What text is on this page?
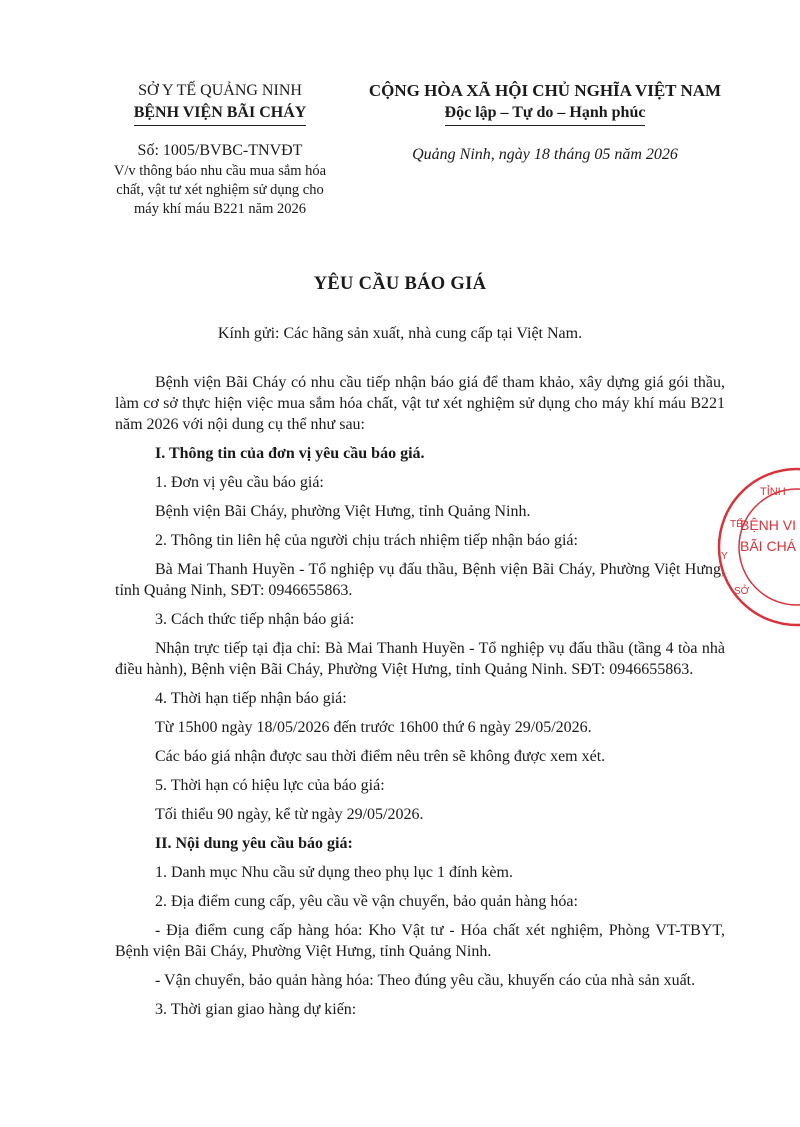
SỞ Y TẾ QUẢNG NINH
BỆNH VIỆN BÃI CHÁY
Số: 1005/BVBC-TNVĐT
V/v thông báo nhu cầu mua sắm hóa chất, vật tư xét nghiệm sử dụng cho máy khí máu B221 năm 2026
CỘNG HÒA XÃ HỘI CHỦ NGHĨA VIỆT NAM
Độc lập – Tự do – Hạnh phúc
Quảng Ninh, ngày 18 tháng 05 năm 2026
YÊU CẦU BÁO GIÁ
Kính gửi: Các hãng sản xuất, nhà cung cấp tại Việt Nam.

Bệnh viện Bãi Cháy có nhu cầu tiếp nhận báo giá để tham khảo, xây dựng giá gói thầu, làm cơ sở thực hiện việc mua sắm hóa chất, vật tư xét nghiệm sử dụng cho máy khí máu B221 năm 2026 với nội dung cụ thể như sau:

I. Thông tin của đơn vị yêu cầu báo giá.

1. Đơn vị yêu cầu báo giá:

Bệnh viện Bãi Cháy, phường Việt Hưng, tỉnh Quảng Ninh.

2. Thông tin liên hệ của người chịu trách nhiệm tiếp nhận báo giá:

Bà Mai Thanh Huyền - Tổ nghiệp vụ đấu thầu, Bệnh viện Bãi Cháy, Phường Việt Hưng, tỉnh Quảng Ninh, SĐT: 0946655863.

3. Cách thức tiếp nhận báo giá:

Nhận trực tiếp tại địa chỉ: Bà Mai Thanh Huyền - Tổ nghiệp vụ đấu thầu (tầng 4 tòa nhà điều hành), Bệnh viện Bãi Cháy, Phường Việt Hưng, tỉnh Quảng Ninh. SĐT: 0946655863.

4. Thời hạn tiếp nhận báo giá:

Từ 15h00 ngày 18/05/2026 đến trước 16h00 thứ 6 ngày 29/05/2026.

Các báo giá nhận được sau thời điểm nêu trên sẽ không được xem xét.

5. Thời hạn có hiệu lực của báo giá:

Tối thiểu 90 ngày, kể từ ngày 29/05/2026.

II. Nội dung yêu cầu báo giá:

1. Danh mục Nhu cầu sử dụng theo phụ lục 1 đính kèm.

2. Địa điểm cung cấp, yêu cầu về vận chuyển, bảo quản hàng hóa:

- Địa điểm cung cấp hàng hóa: Kho Vật tư - Hóa chất xét nghiệm, Phòng VT-TBYT, Bệnh viện Bãi Cháy, Phường Việt Hưng, tỉnh Quảng Ninh.

- Vận chuyển, bảo quản hàng hóa: Theo đúng yêu cầu, khuyến cáo của nhà sản xuất.

3. Thời gian giao hàng dự kiến:

TỈNH
TẾ
Y
SỞ
BỆNH VI
BÃI CHÁ
